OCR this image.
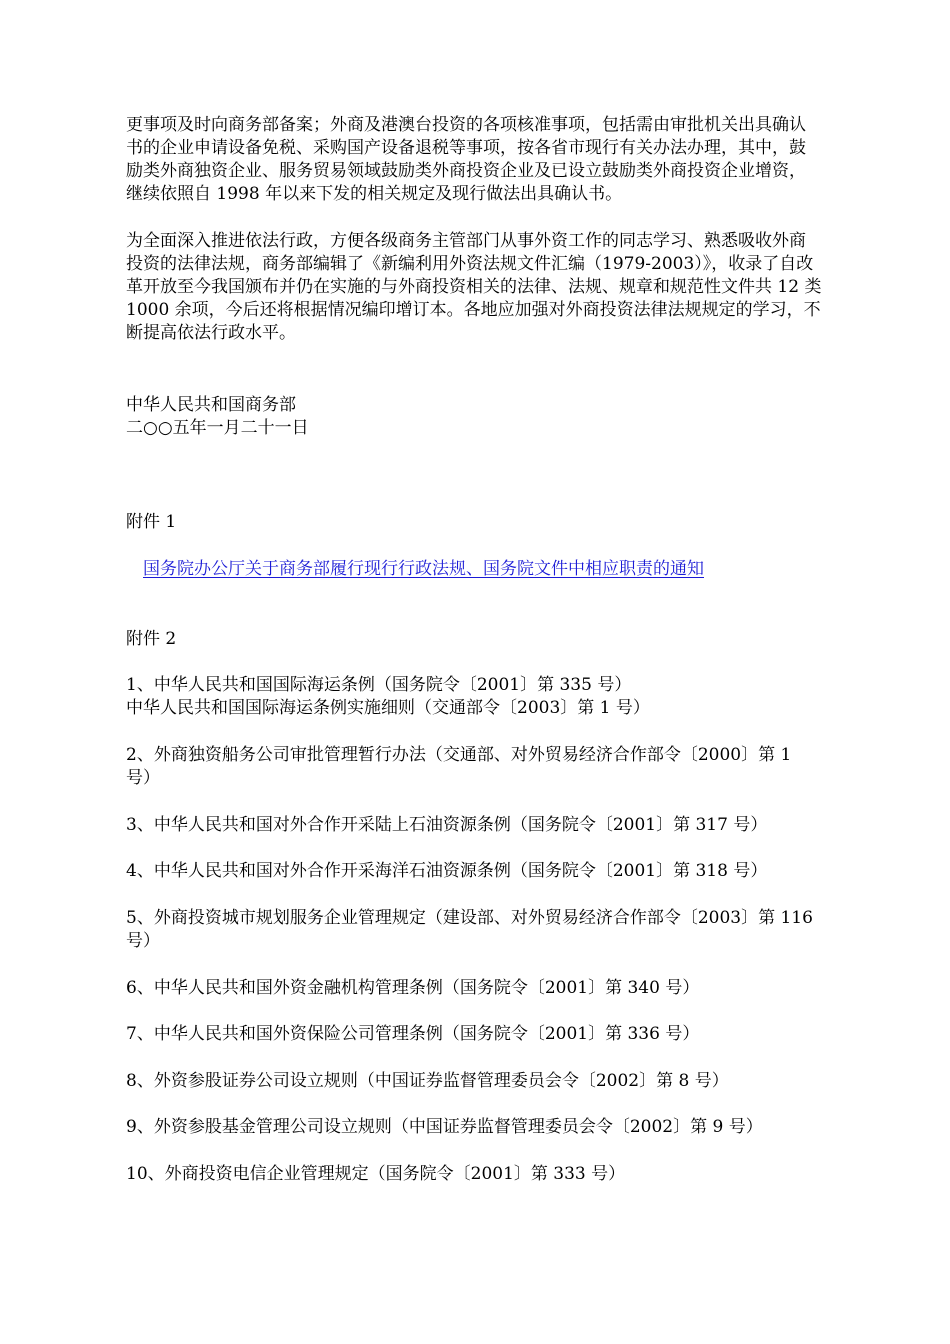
更事项及时向商务部备案；外商及港澳台投资的各项核准事项，包括需由审批机关出具确认
书的企业申请设备免税、采购国产设备退税等事项，按各省市现行有关办法办理，其中，鼓
励类外商独资企业、服务贸易领域鼓励类外商投资企业及已设立鼓励类外商投资企业增资，
继续依照自 1998 年以来下发的相关规定及现行做法出具确认书。
为全面深入推进依法行政，方便各级商务主管部门从事外资工作的同志学习、熟悉吸收外商
投资的法律法规，商务部编辑了《新编利用外资法规文件汇编（1979-2003）》，收录了自改
革开放至今我国颁布并仍在实施的与外商投资相关的法律、法规、规章和规范性文件共 12 类
1000 余项，今后还将根据情况编印增订本。各地应加强对外商投资法律法规规定的学习，不
断提高依法行政水平。
中华人民共和国商务部
二○○五年一月二十一日
附件 1
国务院办公厅关于商务部履行现行行政法规、国务院文件中相应职责的通知
附件 2
1、中华人民共和国国际海运条例（国务院令〔2001〕第 335 号）
中华人民共和国国际海运条例实施细则（交通部令〔2003〕第 1 号）
2、外商独资船务公司审批管理暂行办法（交通部、对外贸易经济合作部令〔2000〕第 1
号）
3、中华人民共和国对外合作开采陆上石油资源条例（国务院令〔2001〕第 317 号）
4、中华人民共和国对外合作开采海洋石油资源条例（国务院令〔2001〕第 318 号）
5、外商投资城市规划服务企业管理规定（建设部、对外贸易经济合作部令〔2003〕第 116
号）
6、中华人民共和国外资金融机构管理条例（国务院令〔2001〕第 340 号）
7、中华人民共和国外资保险公司管理条例（国务院令〔2001〕第 336 号）
8、外资参股证券公司设立规则（中国证券监督管理委员会令〔2002〕第 8 号）
9、外资参股基金管理公司设立规则（中国证券监督管理委员会令〔2002〕第 9 号）
10、外商投资电信企业管理规定（国务院令〔2001〕第 333 号）
